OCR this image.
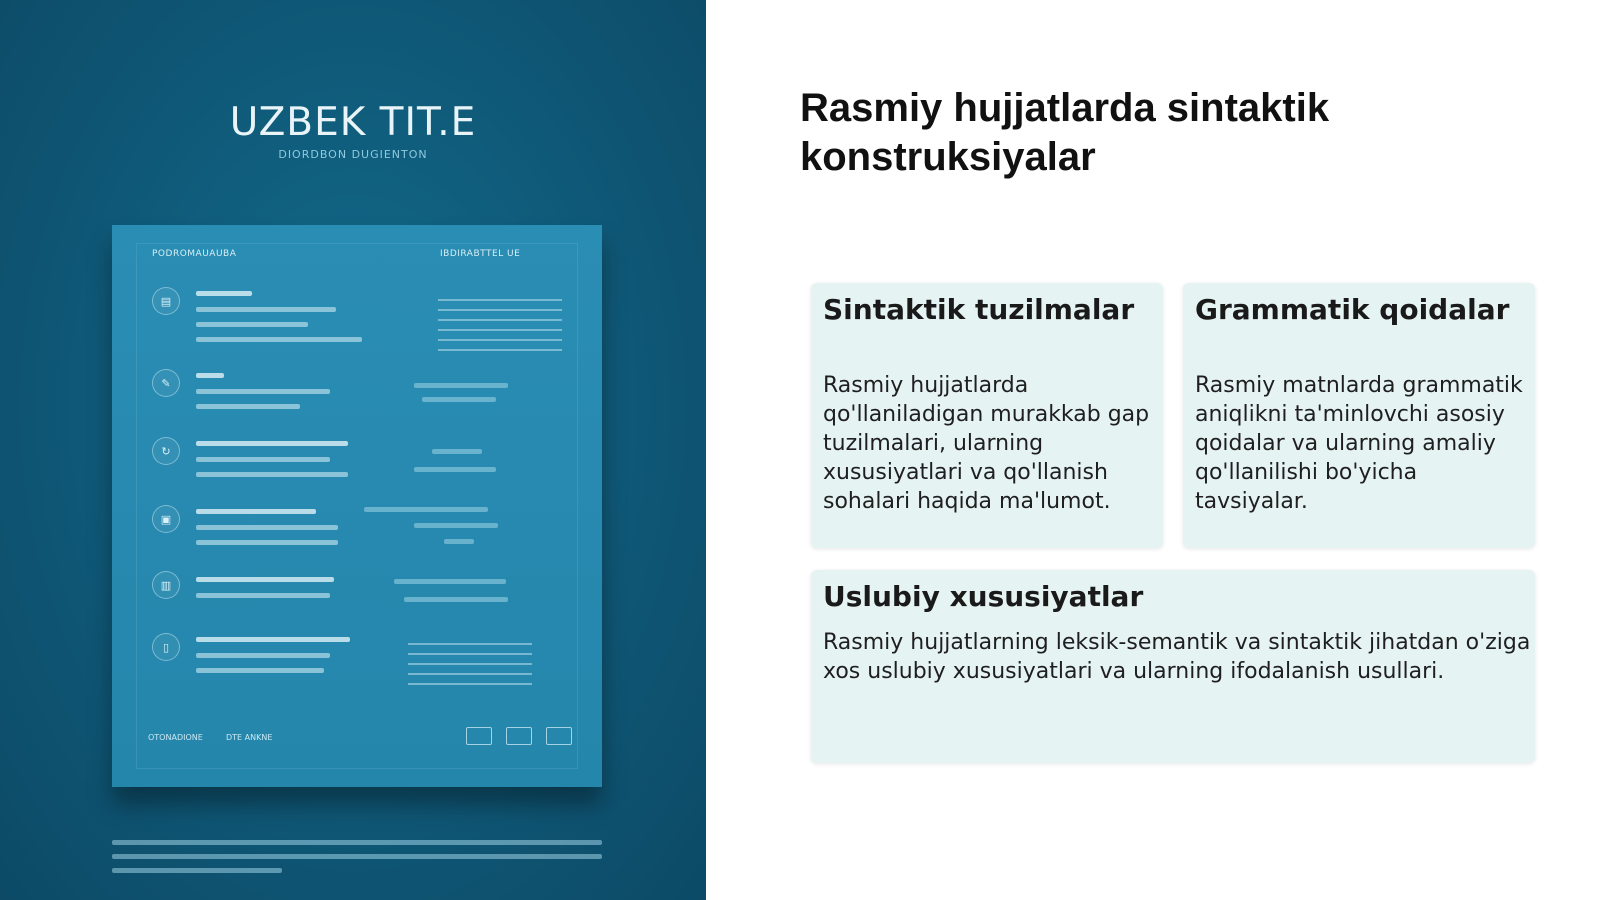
UZBEK TIT.E
DIORDBON DUGIENTON
PODROMAUAUBA	IBDIRABTTEL UE
▤
✎
↻
▣
▥
▯
OTONADIONE	DTE ANKNE
Rasmiy hujjatlarda sintaktik konstruksiyalar
Sintaktik tuzilmalar

Rasmiy hujjatlarda qo'llaniladigan murakkab gap tuzilmalari, ularning xususiyatlari va qo'llanish sohalari haqida ma'lumot.

Grammatik qoidalar

Rasmiy matnlarda grammatik aniqlikni ta'minlovchi asosiy qoidalar va ularning amaliy qo'llanilishi bo'yicha tavsiyalar.

Uslubiy xususiyatlar

Rasmiy hujjatlarning leksik-semantik va sintaktik jihatdan o'ziga xos uslubiy xususiyatlari va ularning ifodalanish usullari.
